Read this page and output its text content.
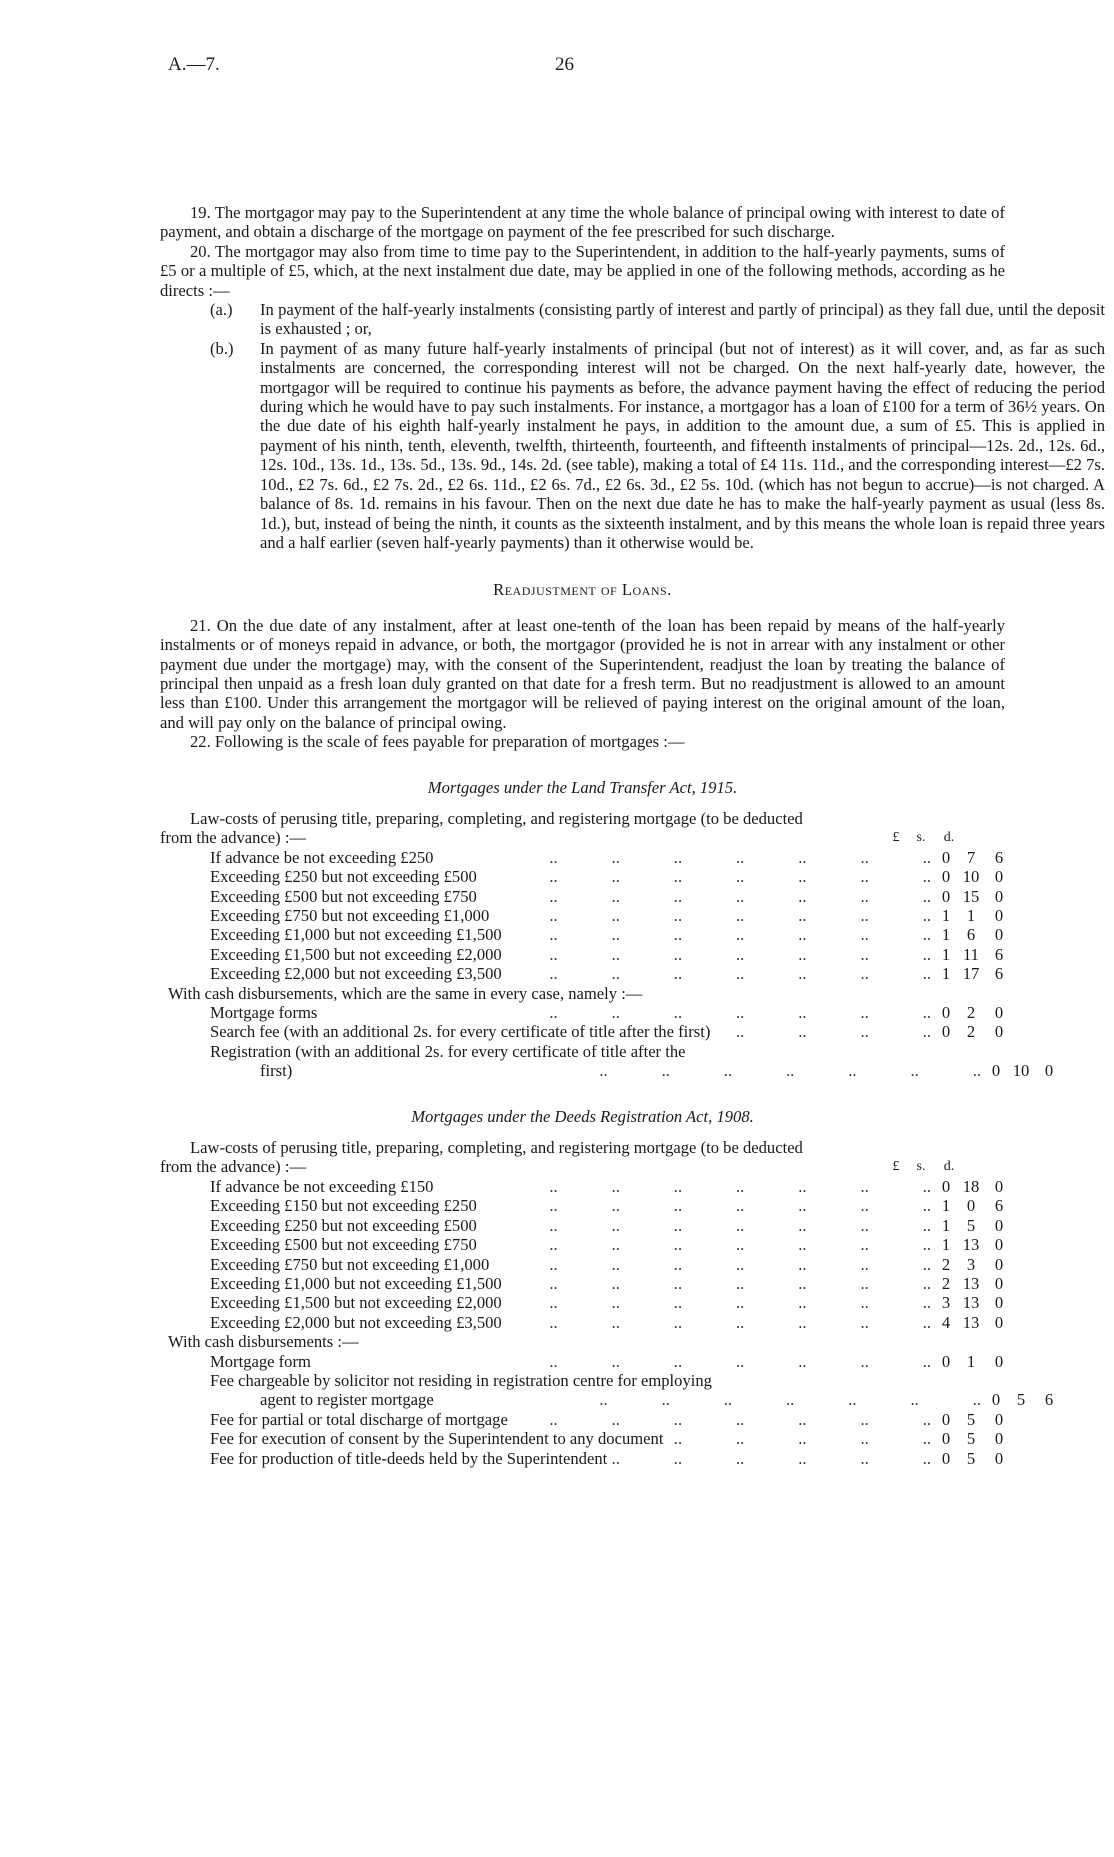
A.—7.	26
19. The mortgagor may pay to the Superintendent at any time the whole balance of principal owing with interest to date of payment, and obtain a discharge of the mortgage on payment of the fee prescribed for such discharge.
20. The mortgagor may also from time to time pay to the Superintendent, in addition to the half-yearly payments, sums of £5 or a multiple of £5, which, at the next instalment due date, may be applied in one of the following methods, according as he directs :—
(a.) In payment of the half-yearly instalments (consisting partly of interest and partly of principal) as they fall due, until the deposit is exhausted ; or,
(b.) In payment of as many future half-yearly instalments of principal (but not of interest) as it will cover, and, as far as such instalments are concerned, the corresponding interest will not be charged. On the next half-yearly date, however, the mortgagor will be required to continue his payments as before, the advance payment having the effect of reducing the period during which he would have to pay such instalments. For instance, a mortgagor has a loan of £100 for a term of 36½ years. On the due date of his eighth half-yearly instalment he pays, in addition to the amount due, a sum of £5. This is applied in payment of his ninth, tenth, eleventh, twelfth, thirteenth, fourteenth, and fifteenth instalments of principal—12s. 2d., 12s. 6d., 12s. 10d., 13s. 1d., 13s. 5d., 13s. 9d., 14s. 2d. (see table), making a total of £4 11s. 11d., and the corresponding interest—£2 7s. 10d., £2 7s. 6d., £2 7s. 2d., £2 6s. 11d., £2 6s. 7d., £2 6s. 3d., £2 5s. 10d. (which has not begun to accrue)—is not charged. A balance of 8s. 1d. remains in his favour. Then on the next due date he has to make the half-yearly payment as usual (less 8s. 1d.), but, instead of being the ninth, it counts as the sixteenth instalment, and by this means the whole loan is repaid three years and a half earlier (seven half-yearly payments) than it otherwise would be.
Readjustment of Loans.
21. On the due date of any instalment, after at least one-tenth of the loan has been repaid by means of the half-yearly instalments or of moneys repaid in advance, or both, the mortgagor (provided he is not in arrear with any instalment or other payment due under the mortgage) may, with the consent of the Superintendent, readjust the loan by treating the balance of principal then unpaid as a fresh loan duly granted on that date for a fresh term. But no readjustment is allowed to an amount less than £100. Under this arrangement the mortgagor will be relieved of paying interest on the original amount of the loan, and will pay only on the balance of principal owing.
22. Following is the scale of fees payable for preparation of mortgages :—
Mortgages under the Land Transfer Act, 1915.
Law-costs of perusing title, preparing, completing, and registering mortgage (to be deducted
from the advance) :—	£	s.	d.
If advance be not exceeding £250 ..	0	7	6
Exceeding £250 but not exceeding £500 ..	0 10 0
Exceeding £500 but not exceeding £750 ..	0 15 0
Exceeding £750 but not exceeding £1,000 ..	1	1	0
Exceeding £1,000 but not exceeding £1,500 ..	1	6	0
Exceeding £1,500 but not exceeding £2,000 ..	1 11 6
Exceeding £2,000 but not exceeding £3,500 ..	1 17 6
With cash disbursements, which are the same in every case, namely :—
Mortgage forms ..	0	2	0
Search fee (with an additional 2s. for every certificate of title after the first) ..	0	2	0
Registration (with an additional 2s. for every certificate of title after the
first) ..	0 10 0
Mortgages under the Deeds Registration Act, 1908.
Law-costs of perusing title, preparing, completing, and registering mortgage (to be deducted
from the advance) :—	£	s.	d.
If advance be not exceeding £150 ..	0 18 0
Exceeding £150 but not exceeding £250 ..	1	0	6
Exceeding £250 but not exceeding £500 ..	1	5	0
Exceeding £500 but not exceeding £750 ..	1 13 0
Exceeding £750 but not exceeding £1,000 ..	2	3	0
Exceeding £1,000 but not exceeding £1,500 ..	2 13 0
Exceeding £1,500 but not exceeding £2,000 ..	3 13 0
Exceeding £2,000 but not exceeding £3,500 ..	4 13 0
With cash disbursements :—
Mortgage form ..	0	1	0
Fee chargeable by solicitor not residing in registration centre for employing
agent to register mortgage ..	0	5	6
Fee for partial or total discharge of mortgage ..	0	5	0
Fee for execution of consent by the Superintendent to any document ..	0	5	0
Fee for production of title-deeds held by the Superintendent ..	0	5	0
